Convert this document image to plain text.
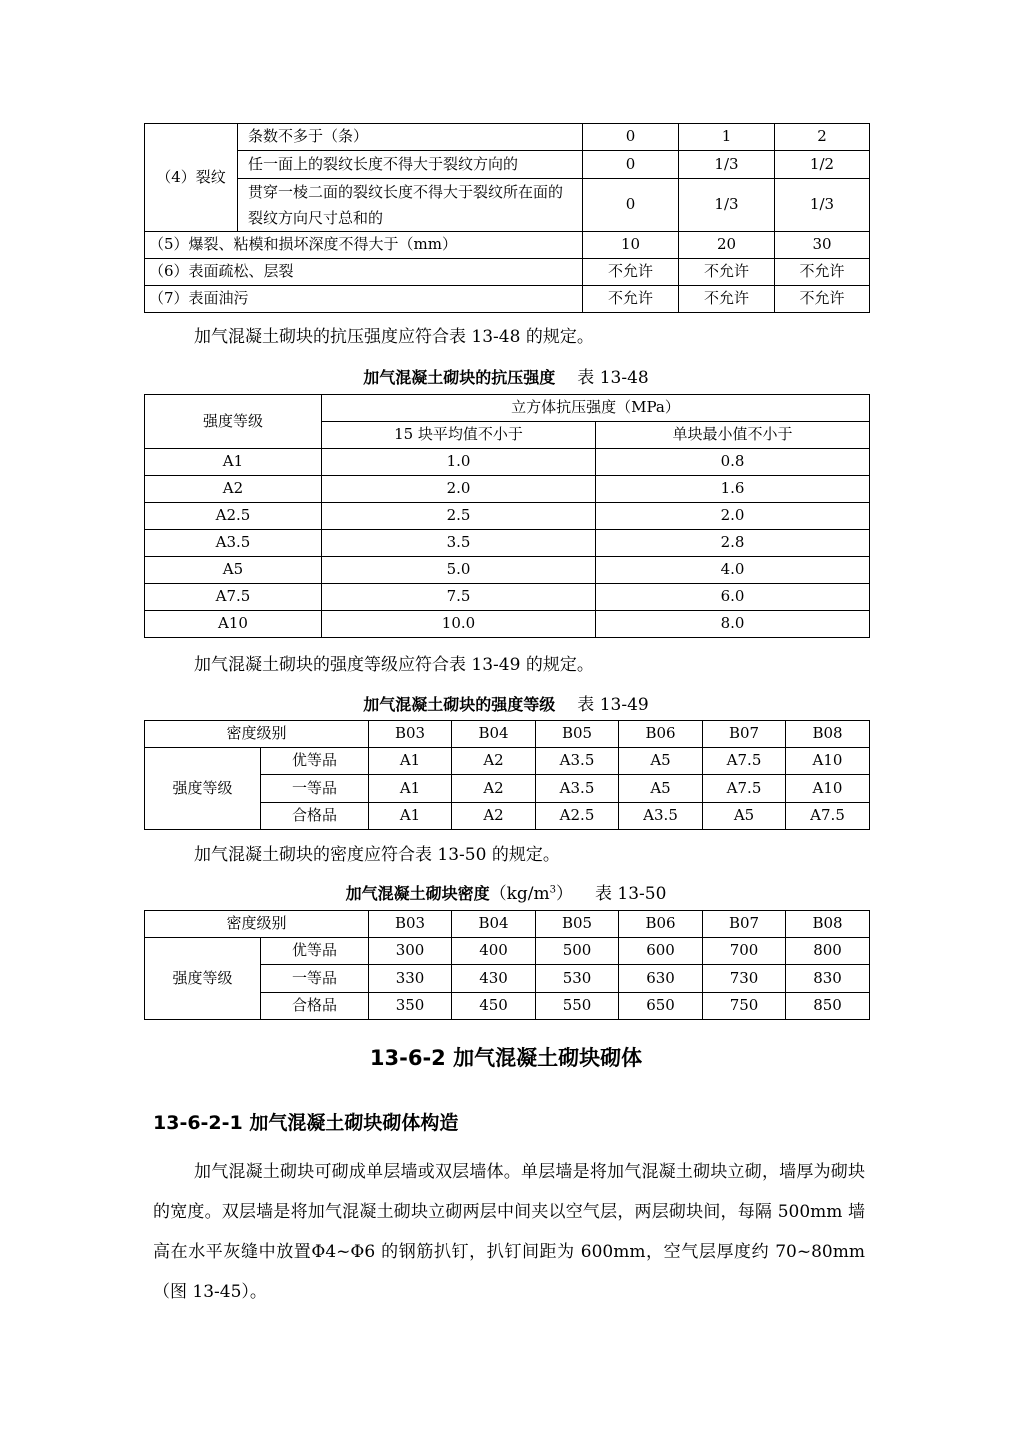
（4）裂纹	条数不多于（条）	0	1	2
	任一面上的裂纹长度不得大于裂纹方向的	0	1/3	1/2
	贯穿一棱二面的裂纹长度不得大于裂纹所在面的裂纹方向尺寸总和的	0	1/3	1/3
（5）爆裂、粘模和损坏深度不得大于（mm）		10	20	30
（6）表面疏松、层裂		不允许	不允许	不允许
（7）表面油污		不允许	不允许	不允许
加气混凝土砌块的抗压强度应符合表 13-48 的规定。
加气混凝土砌块的抗压强度 表 13-48
强度等级	立方体抗压强度（MPa）	
	15 块平均值不小于	单块最小值不小于
A1	1.0	0.8
A2	2.0	1.6
A2.5	2.5	2.0
A3.5	3.5	2.8
A5	5.0	4.0
A7.5	7.5	6.0
A10	10.0	8.0
加气混凝土砌块的强度等级应符合表 13-49 的规定。
加气混凝土砌块的强度等级 表 13-49
密度级别		B03	B04	B05	B06	B07	B08
强度等级	优等品	A1	A2	A3.5	A5	A7.5	A10
	一等品	A1	A2	A3.5	A5	A7.5	A10
	合格品	A1	A2	A2.5	A3.5	A5	A7.5
加气混凝土砌块的密度应符合表 13-50 的规定。
加气混凝土砌块密度$(kg/m^3)$ 表 13-50
密度级别		B03	B04	B05	B06	B07	B08
强度等级	优等品	300	400	500	600	700	800
	一等品	330	430	530	630	730	830
	合格品	350	450	550	650	750	850
13-6-2 加气混凝土砌块砌体
13-6-2-1 加气混凝土砌块砌体构造
加气混凝土砌块可砌成单层墙或双层墙体。单层墙是将加气混凝土砌块立砌，墙厚为砌块的宽度。双层墙是将加气混凝土砌块立砌两层中间夹以空气层，两层砌块间，每隔 500mm 墙高在水平灰缝中放置Φ4~Φ6 的钢筋扒钉，扒钉间距为 600mm，空气层厚度约 70~80mm（图 13-45）。
